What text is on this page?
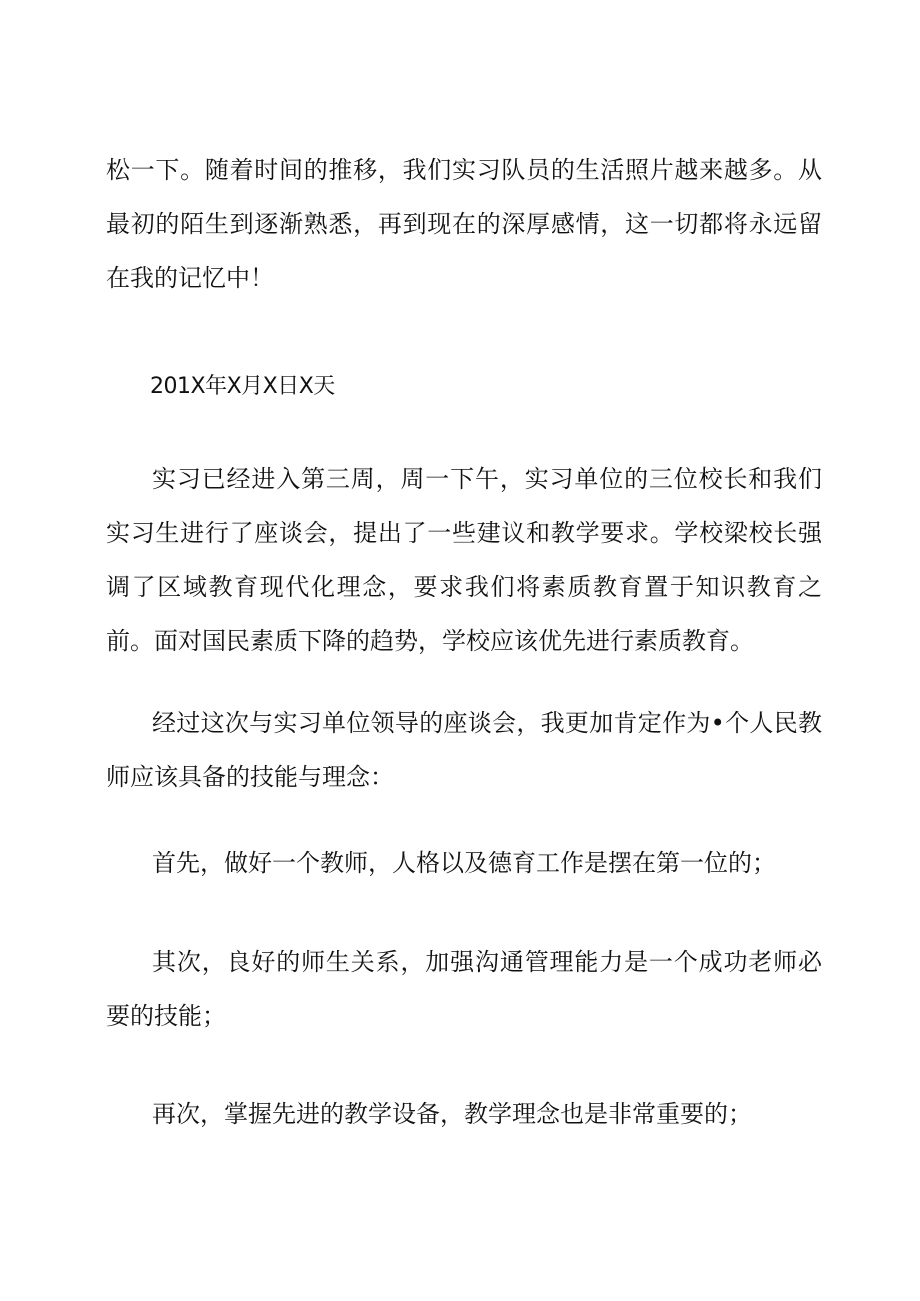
松一下。随着时间的推移，我们实习队员的生活照片越来越多。从最初的陌生到逐渐熟悉，再到现在的深厚感情，这一切都将永远留在我的记忆中！

201X年X月X日X天

实习已经进入第三周，周一下午，实习单位的三位校长和我们实习生进行了座谈会，提出了一些建议和教学要求。学校梁校长强调了区域教育现代化理念，要求我们将素质教育置于知识教育之前。面对国民素质下降的趋势，学校应该优先进行素质教育。

经过这次与实习单位领导的座谈会，我更加肯定作为•个人民教师应该具备的技能与理念：

首先，做好一个教师，人格以及德育工作是摆在第一位的；

其次，良好的师生关系，加强沟通管理能力是一个成功老师必要的技能；

再次，掌握先进的教学设备，教学理念也是非常重要的；
